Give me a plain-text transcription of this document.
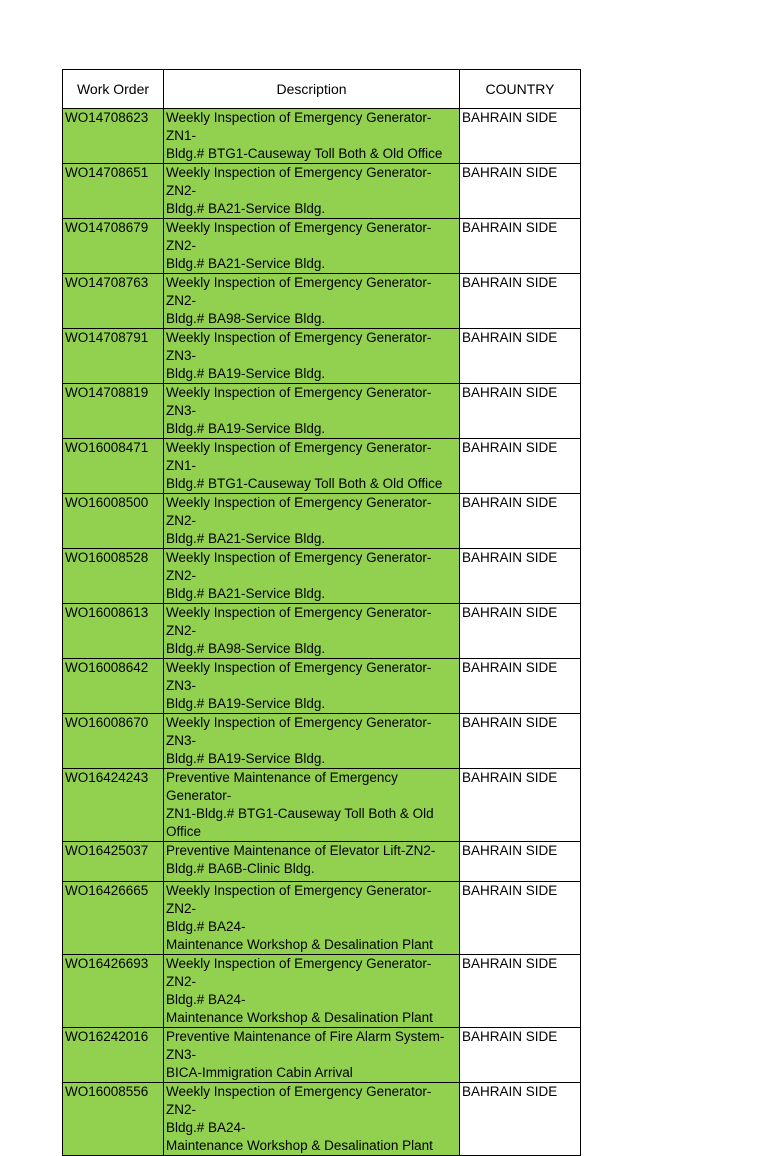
Work Order	Description	COUNTRY
WO14708623	Weekly Inspection of Emergency Generator-ZN1-
Bldg.# BTG1-Causeway Toll Both & Old Office	BAHRAIN SIDE
WO14708651	Weekly Inspection of Emergency Generator-ZN2-
Bldg.# BA21-Service Bldg.	BAHRAIN SIDE
WO14708679	Weekly Inspection of Emergency Generator-ZN2-
Bldg.# BA21-Service Bldg.	BAHRAIN SIDE
WO14708763	Weekly Inspection of Emergency Generator-ZN2-
Bldg.# BA98-Service Bldg.	BAHRAIN SIDE
WO14708791	Weekly Inspection of Emergency Generator-ZN3-
Bldg.# BA19-Service Bldg.	BAHRAIN SIDE
WO14708819	Weekly Inspection of Emergency Generator-ZN3-
Bldg.# BA19-Service Bldg.	BAHRAIN SIDE
WO16008471	Weekly Inspection of Emergency Generator-ZN1-
Bldg.# BTG1-Causeway Toll Both & Old Office	BAHRAIN SIDE
WO16008500	Weekly Inspection of Emergency Generator-ZN2-
Bldg.# BA21-Service Bldg.	BAHRAIN SIDE
WO16008528	Weekly Inspection of Emergency Generator-ZN2-
Bldg.# BA21-Service Bldg.	BAHRAIN SIDE
WO16008613	Weekly Inspection of Emergency Generator-ZN2-
Bldg.# BA98-Service Bldg.	BAHRAIN SIDE
WO16008642	Weekly Inspection of Emergency Generator-ZN3-
Bldg.# BA19-Service Bldg.	BAHRAIN SIDE
WO16008670	Weekly Inspection of Emergency Generator-ZN3-
Bldg.# BA19-Service Bldg.	BAHRAIN SIDE
WO16424243	Preventive Maintenance of Emergency Generator-
ZN1-Bldg.# BTG1-Causeway Toll Both & Old Office	BAHRAIN SIDE
WO16425037	Preventive Maintenance of Elevator Lift-ZN2-
Bldg.# BA6B-Clinic Bldg.	BAHRAIN SIDE
WO16426665	Weekly Inspection of Emergency Generator-ZN2-
Bldg.# BA24-
Maintenance Workshop & Desalination Plant	BAHRAIN SIDE
WO16426693	Weekly Inspection of Emergency Generator-ZN2-
Bldg.# BA24-
Maintenance Workshop & Desalination Plant	BAHRAIN SIDE
WO16242016	Preventive Maintenance of Fire Alarm System-ZN3-
BICA-Immigration Cabin Arrival	BAHRAIN SIDE
WO16008556	Weekly Inspection of Emergency Generator-ZN2-
Bldg.# BA24-
Maintenance Workshop & Desalination Plant	BAHRAIN SIDE
